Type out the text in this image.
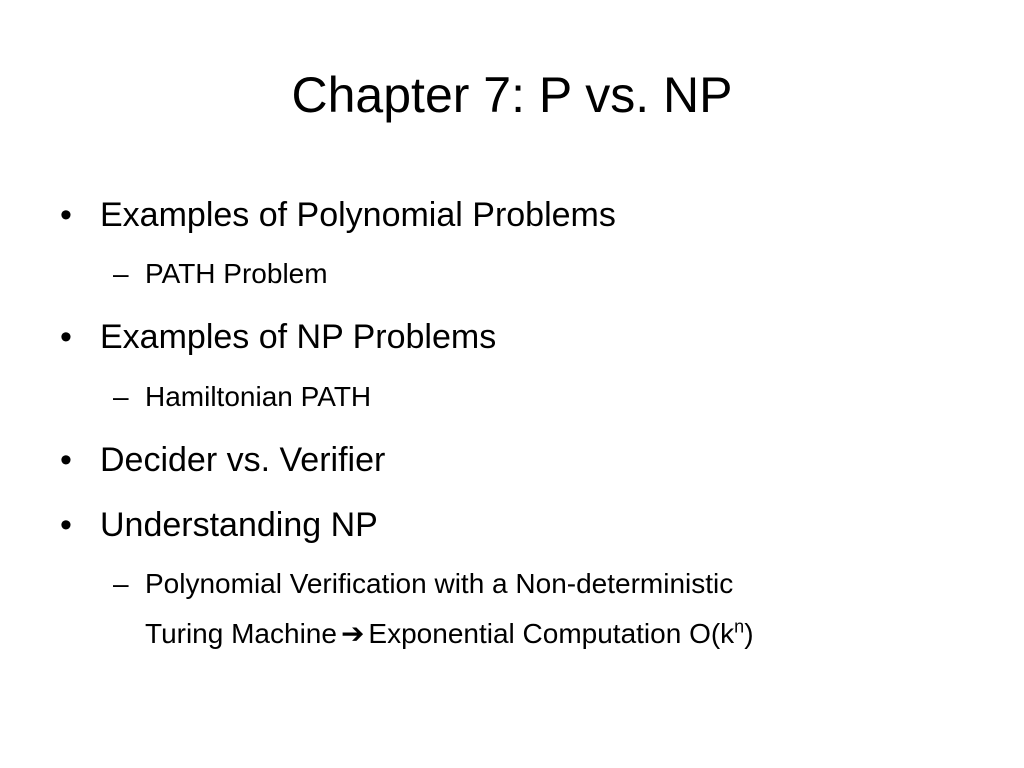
Chapter 7: P vs. NP
• Examples of Polynomial Problems
– PATH Problem
• Examples of NP Problems
– Hamiltonian PATH
• Decider vs. Verifier
• Understanding NP
– Polynomial Verification with a Non-deterministic
Turing Machine ➔ Exponential Computation $O(k^n)$
